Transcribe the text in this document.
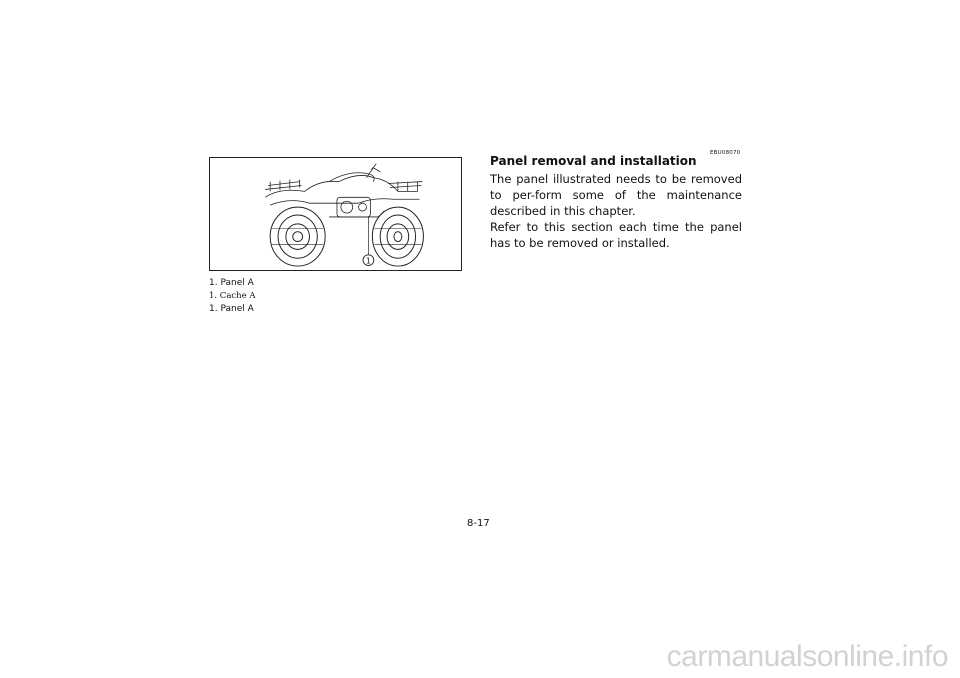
1
1. Panel A
1. Cache A
1. Panel A
EBU08070
Panel removal and installation
The panel illustrated needs to be removed to per-form some of the maintenance described in this chapter.
Refer to this section each time the panel has to be removed or installed.
8-17
carmanualsonline.info
